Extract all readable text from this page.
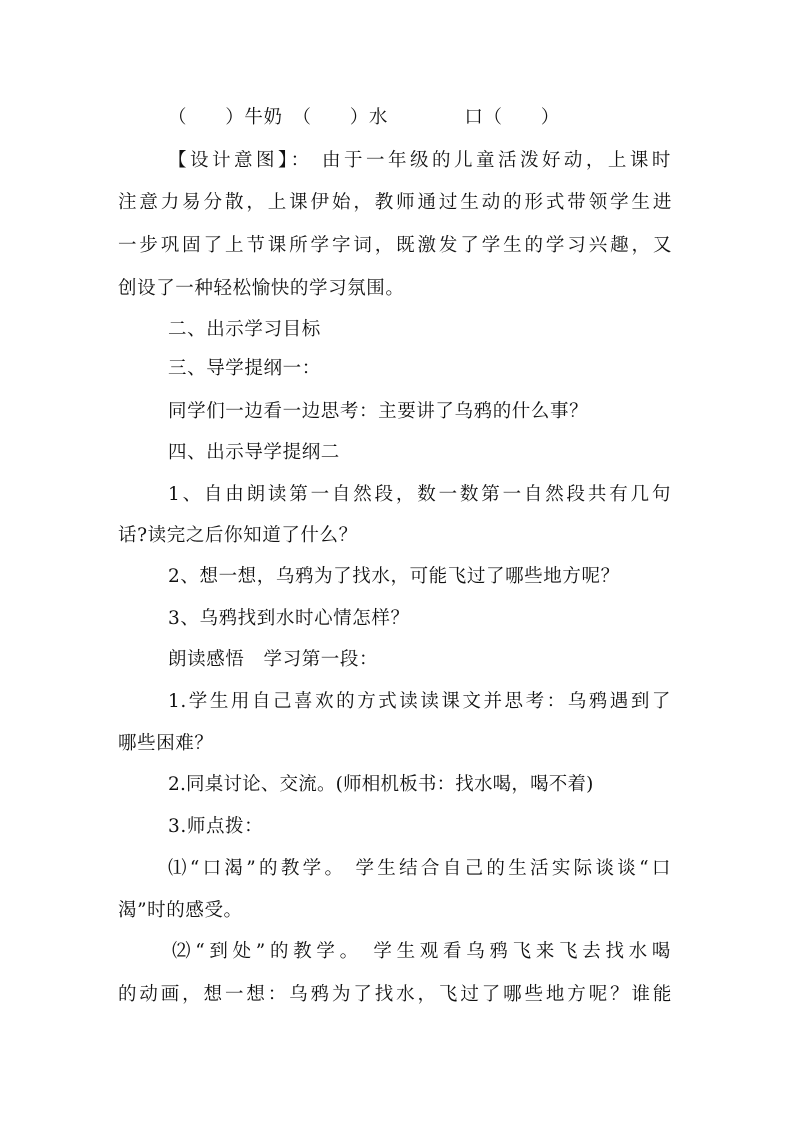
（　　）牛奶　（　　）水　　　　口（　　）
【设计意图】： 由于一年级的儿童活泼好动，上课时
注意力易分散，上课伊始，教师通过生动的形式带领学生进
一步巩固了上节课所学字词，既激发了学生的学习兴趣，又
创设了一种轻松愉快的学习氛围。
二、出示学习目标
三、导学提纲一：
同学们一边看一边思考：主要讲了乌鸦的什么事？
四、出示导学提纲二
1、自由朗读第一自然段，数一数第一自然段共有几句
话?读完之后你知道了什么？
2、想一想，乌鸦为了找水，可能飞过了哪些地方呢？
3、乌鸦找到水时心情怎样？
朗读感悟　学习第一段：
1.学生用自己喜欢的方式读读课文并思考：乌鸦遇到了
哪些困难？
2.同桌讨论、交流。(师相机板书：找水喝，喝不着)
3.师点拨：
⑴“口渴”的教学。 学生结合自己的生活实际谈谈“口
渴”时的感受。
⑵“到处”的教学。 学生观看乌鸦飞来飞去找水喝
的动画，想一想：乌鸦为了找水，飞过了哪些地方呢？谁能
